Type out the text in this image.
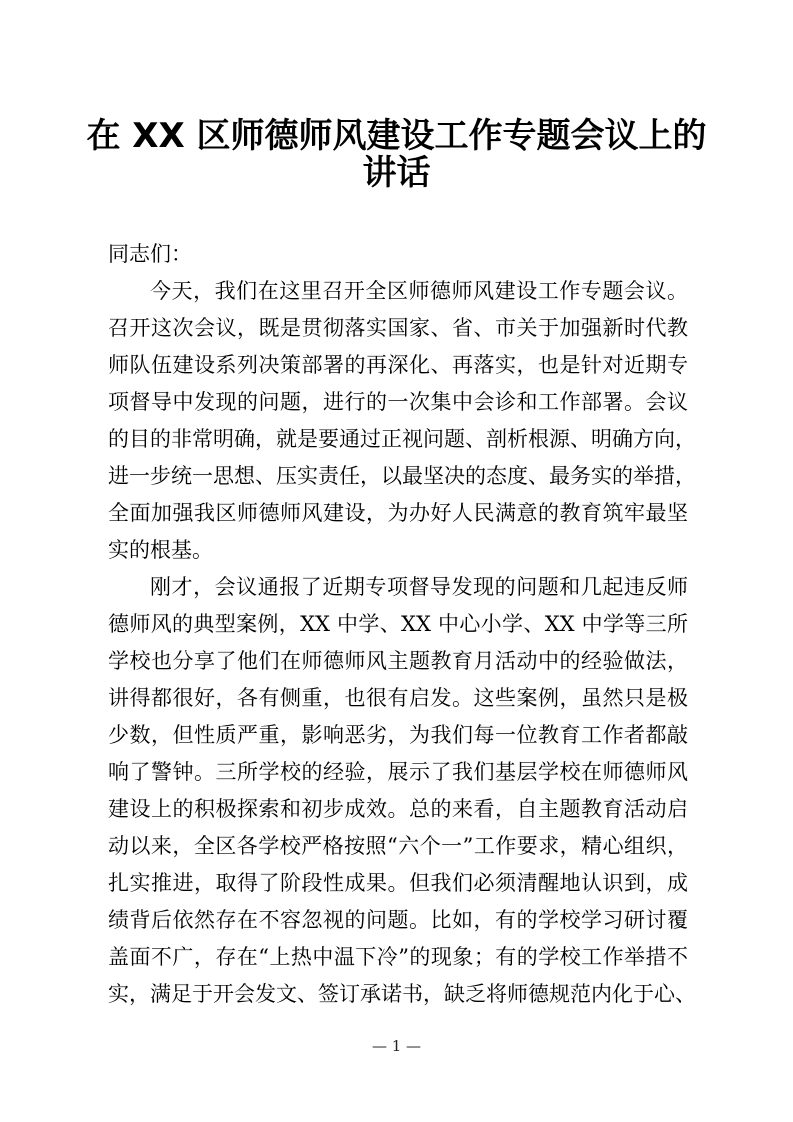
在 XX 区师德师风建设工作专题会议上的
讲话
同志们：
今天，我们在这里召开全区师德师风建设工作专题会议。
召开这次会议，既是贯彻落实国家、省、市关于加强新时代教
师队伍建设系列决策部署的再深化、再落实，也是针对近期专
项督导中发现的问题，进行的一次集中会诊和工作部署。会议
的目的非常明确，就是要通过正视问题、剖析根源、明确方向，
进一步统一思想、压实责任，以最坚决的态度、最务实的举措，
全面加强我区师德师风建设，为办好人民满意的教育筑牢最坚
实的根基。
刚才，会议通报了近期专项督导发现的问题和几起违反师
德师风的典型案例，XX 中学、XX 中心小学、XX 中学等三所
学校也分享了他们在师德师风主题教育月活动中的经验做法，
讲得都很好，各有侧重，也很有启发。这些案例，虽然只是极
少数，但性质严重，影响恶劣，为我们每一位教育工作者都敲
响了警钟。三所学校的经验，展示了我们基层学校在师德师风
建设上的积极探索和初步成效。总的来看，自主题教育活动启
动以来，全区各学校严格按照“六个一”工作要求，精心组织，
扎实推进，取得了阶段性成果。但我们必须清醒地认识到，成
绩背后依然存在不容忽视的问题。比如，有的学校学习研讨覆
盖面不广，存在“上热中温下冷”的现象；有的学校工作举措不
实，满足于开会发文、签订承诺书，缺乏将师德规范内化于心、
— 1 —
